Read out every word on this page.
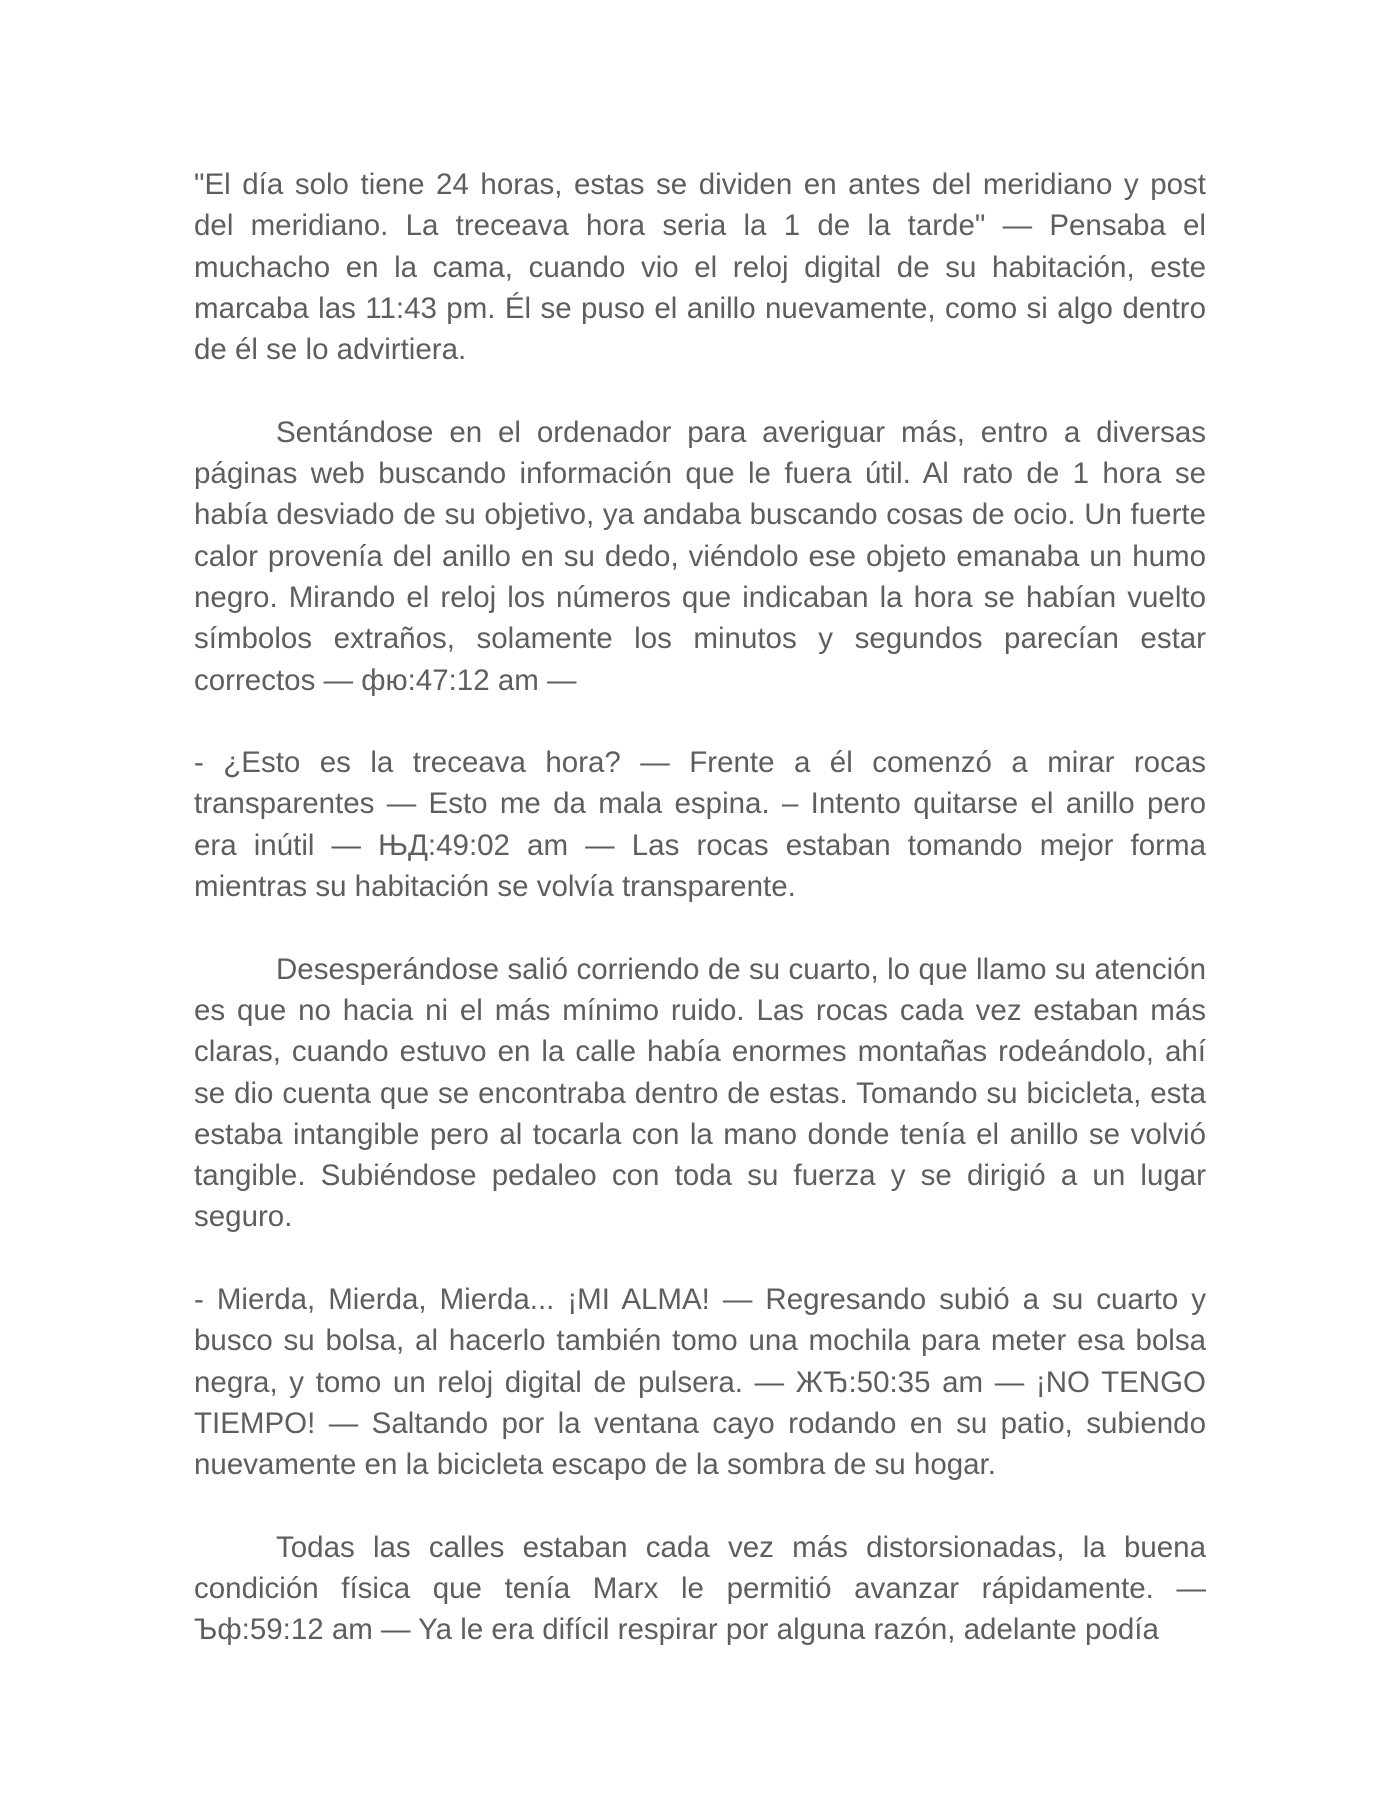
"El día solo tiene 24 horas, estas se dividen en antes del meridiano y post del meridiano. La treceava hora seria la 1 de la tarde" — Pensaba el muchacho en la cama, cuando vio el reloj digital de su habitación, este marcaba las 11:43 pm. Él se puso el anillo nuevamente, como si algo dentro de él se lo advirtiera.

Sentándose en el ordenador para averiguar más, entro a diversas páginas web buscando información que le fuera útil. Al rato de 1 hora se había desviado de su objetivo, ya andaba buscando cosas de ocio. Un fuerte calor provenía del anillo en su dedo, viéndolo ese objeto emanaba un humo negro. Mirando el reloj los números que indicaban la hora se habían vuelto símbolos extraños, solamente los minutos y segundos parecían estar correctos — фю:47:12 am —

- ¿Esto es la treceava hora? — Frente a él comenzó a mirar rocas transparentes — Esto me da mala espina. – Intento quitarse el anillo pero era inútil — ЊД:49:02 am — Las rocas estaban tomando mejor forma mientras su habitación se volvía transparente.

Desesperándose salió corriendo de su cuarto, lo que llamo su atención es que no hacia ni el más mínimo ruido. Las rocas cada vez estaban más claras, cuando estuvo en la calle había enormes montañas rodeándolo, ahí se dio cuenta que se encontraba dentro de estas. Tomando su bicicleta, esta estaba intangible pero al tocarla con la mano donde tenía el anillo se volvió tangible. Subiéndose pedaleo con toda su fuerza y se dirigió a un lugar seguro.

- Mierda, Mierda, Mierda... ¡MI ALMA! — Regresando subió a su cuarto y busco su bolsa, al hacerlo también tomo una mochila para meter esa bolsa negra, y tomo un reloj digital de pulsera. — ЖЂ:50:35 am — ¡NO TENGO TIEMPO! — Saltando por la ventana cayo rodando en su patio, subiendo nuevamente en la bicicleta escapo de la sombra de su hogar.

Todas las calles estaban cada vez más distorsionadas, la buena condición física que tenía Marx le permitió avanzar rápidamente. — Ъф:59:12 am — Ya le era difícil respirar por alguna razón, adelante podía
